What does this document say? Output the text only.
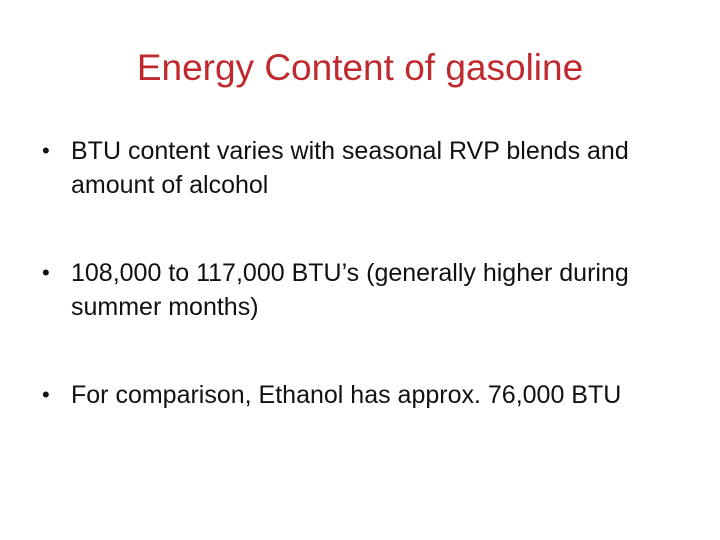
Energy Content of gasoline
• BTU content varies with seasonal RVP blends and amount of alcohol
• 108,000 to 117,000 BTU’s (generally higher during summer months)
• For comparison, Ethanol has approx. 76,000 BTU
